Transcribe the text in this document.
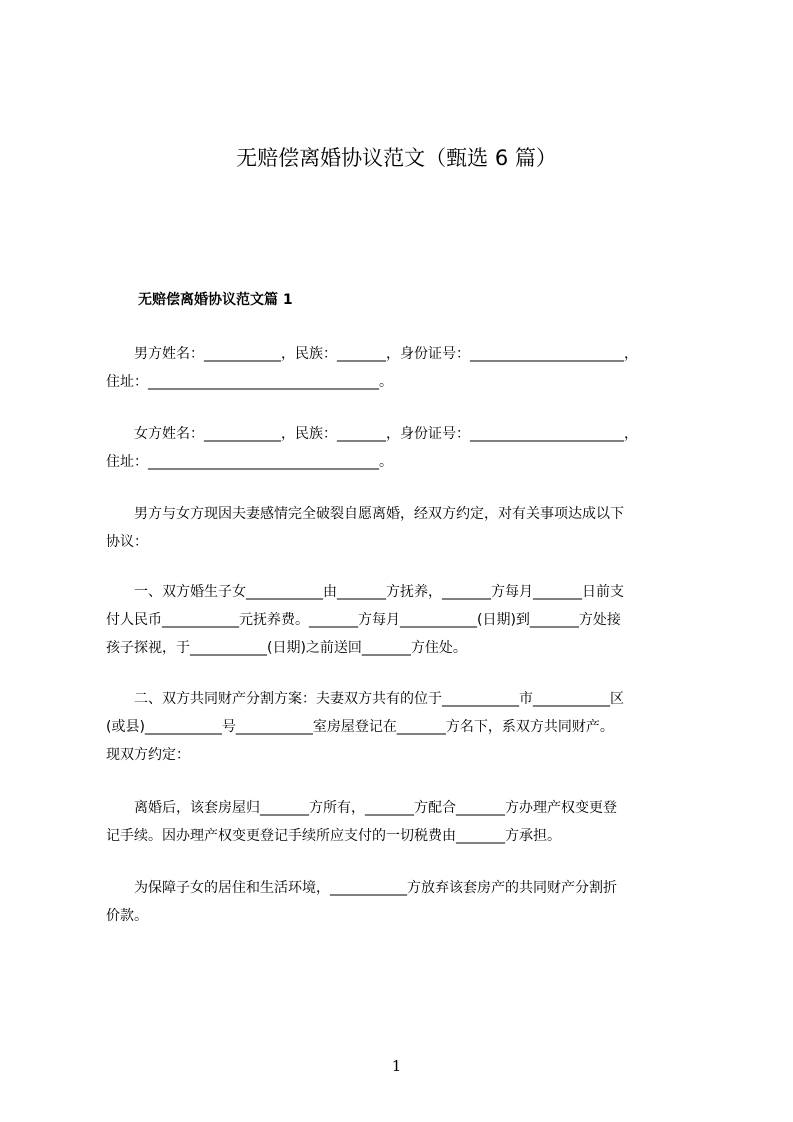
无赔偿离婚协议范文（甄选 6 篇）
无赔偿离婚协议范文篇 1
　　男方姓名：___________，民族：_______，身份证号：______________________，
住址：_________________________________。
　　女方姓名：___________，民族：_______，身份证号：______________________，
住址：_________________________________。
　　男方与女方现因夫妻感情完全破裂自愿离婚，经双方约定，对有关事项达成以下
协议：
　　一、双方婚生子女___________由_______方抚养，_______方每月_______日前支
付人民币___________元抚养费。_______方每月___________(日期)到_______方处接
孩子探视，于___________(日期)之前送回_______方住处。
　　二、双方共同财产分割方案：夫妻双方共有的位于___________市___________区
(或县)___________号___________室房屋登记在_______方名下，系双方共同财产。
现双方约定：
　　离婚后，该套房屋归_______方所有，_______方配合_______方办理产权变更登
记手续。因办理产权变更登记手续所应支付的一切税费由_______方承担。
　　为保障子女的居住和生活环境，___________方放弃该套房产的共同财产分割折
价款。
1
